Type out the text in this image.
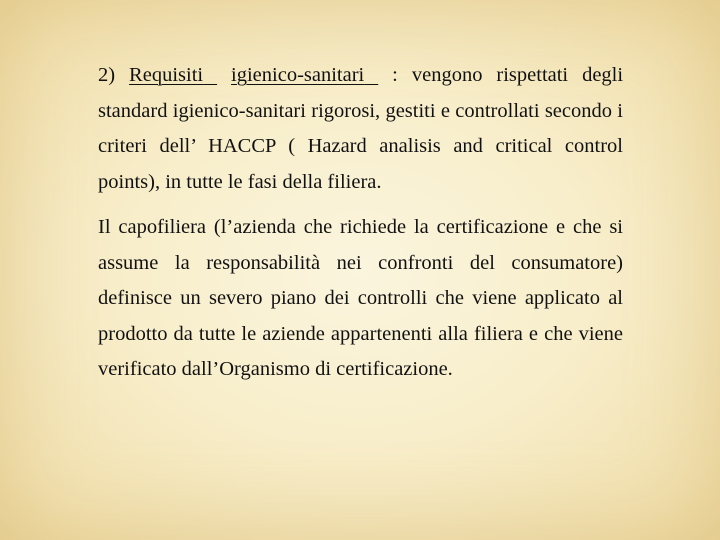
2) Requisiti igienico-sanitari : vengono rispettati degli standard igienico-sanitari rigorosi, gestiti e controllati secondo i criteri dell’ HACCP ( Hazard analisis and critical control points), in tutte le fasi della filiera.

Il capofiliera (l’azienda che richiede la certificazione e che si assume la responsabilità nei confronti del consumatore) definisce un severo piano dei controlli che viene applicato al prodotto da tutte le aziende appartenenti alla filiera e che viene verificato dall’Organismo di certificazione.
